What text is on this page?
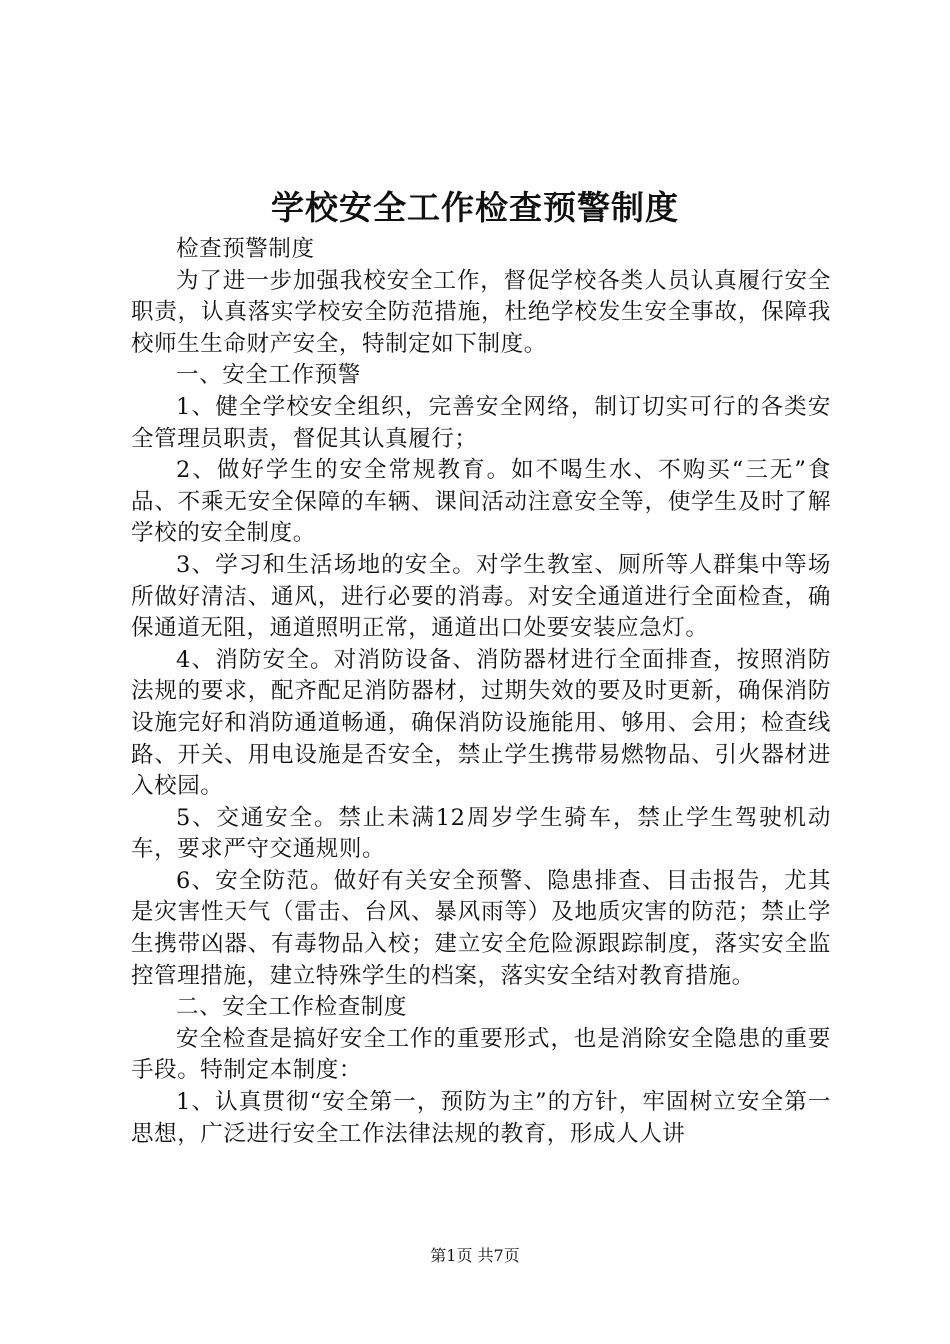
学校安全工作检查预警制度

检查预警制度

为了进一步加强我校安全工作，督促学校各类人员认真履行安全职责，认真落实学校安全防范措施，杜绝学校发生安全事故，保障我校师生生命财产安全，特制定如下制度。

一、安全工作预警

1、健全学校安全组织，完善安全网络，制订切实可行的各类安全管理员职责，督促其认真履行；

2、做好学生的安全常规教育。如不喝生水、不购买“三无”食品、不乘无安全保障的车辆、课间活动注意安全等，使学生及时了解学校的安全制度。

3、学习和生活场地的安全。对学生教室、厕所等人群集中等场所做好清洁、通风，进行必要的消毒。对安全通道进行全面检查，确保通道无阻，通道照明正常，通道出口处要安装应急灯。

4、消防安全。对消防设备、消防器材进行全面排查，按照消防法规的要求，配齐配足消防器材，过期失效的要及时更新，确保消防设施完好和消防通道畅通，确保消防设施能用、够用、会用；检查线路、开关、用电设施是否安全，禁止学生携带易燃物品、引火器材进入校园。

5、交通安全。禁止未满12周岁学生骑车，禁止学生驾驶机动车，要求严守交通规则。

6、安全防范。做好有关安全预警、隐患排查、目击报告，尤其是灾害性天气（雷击、台风、暴风雨等）及地质灾害的防范；禁止学生携带凶器、有毒物品入校；建立安全危险源跟踪制度，落实安全监控管理措施，建立特殊学生的档案，落实安全结对教育措施。

二、安全工作检查制度

安全检查是搞好安全工作的重要形式，也是消除安全隐患的重要手段。特制定本制度：

1、认真贯彻“安全第一，预防为主”的方针，牢固树立安全第一思想，广泛进行安全工作法律法规的教育，形成人人讲

第1页 共7页
